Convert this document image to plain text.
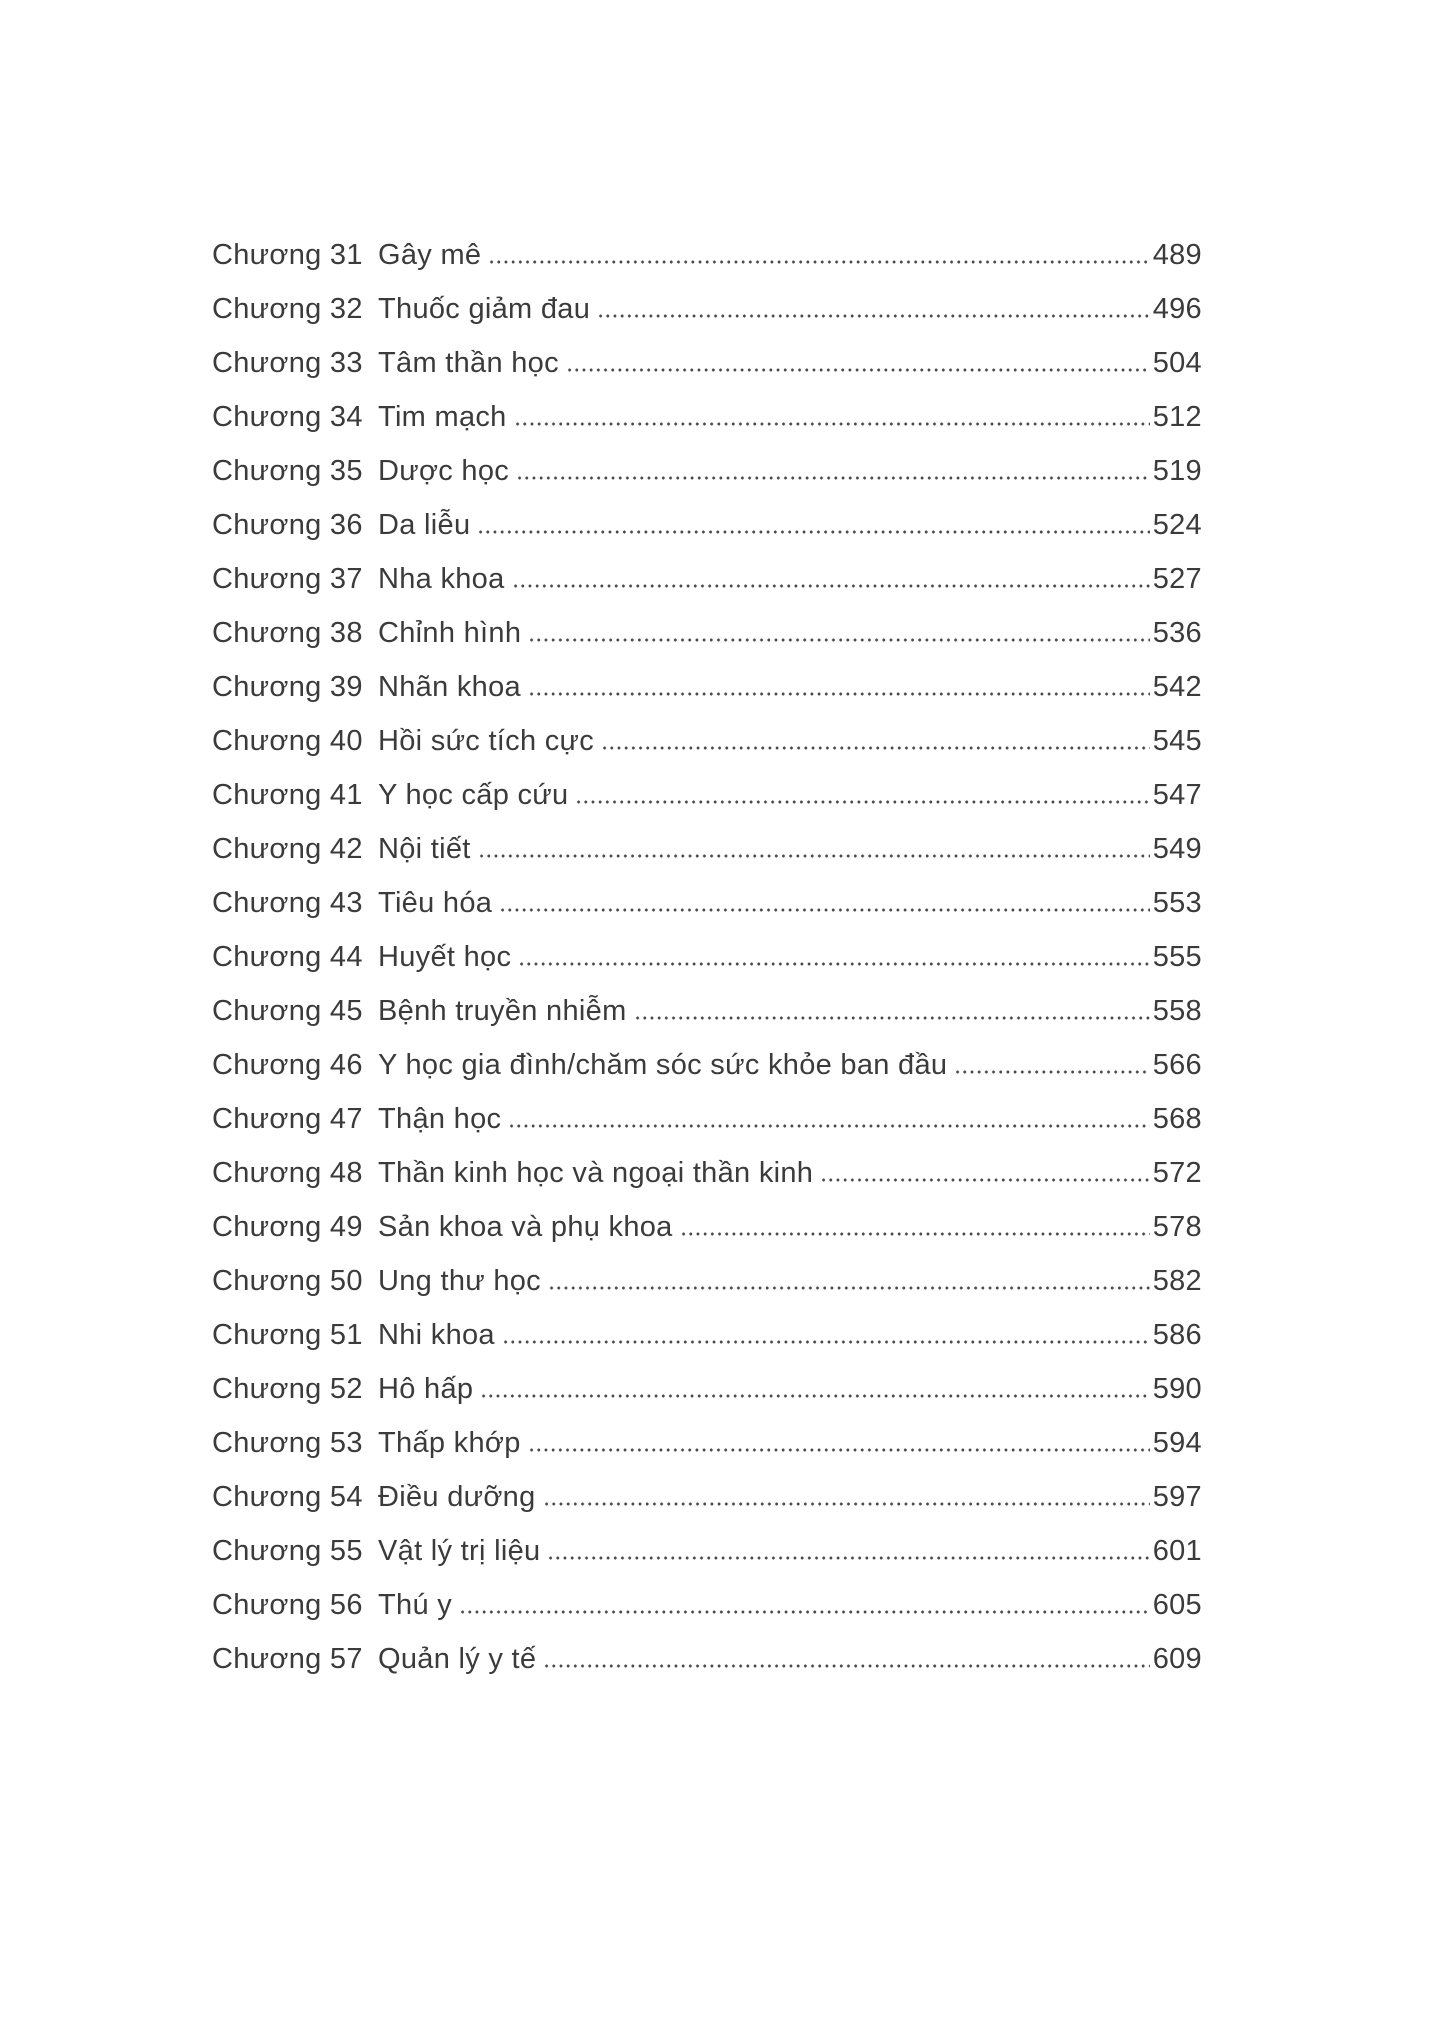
Chương 31 Gây mê	489
Chương 32 Thuốc giảm đau	496
Chương 33 Tâm thần học	504
Chương 34 Tim mạch	512
Chương 35 Dược học	519
Chương 36 Da liễu	524
Chương 37 Nha khoa	527
Chương 38 Chỉnh hình	536
Chương 39 Nhãn khoa	542
Chương 40 Hồi sức tích cực	545
Chương 41 Y học cấp cứu	547
Chương 42 Nội tiết	549
Chương 43 Tiêu hóa	553
Chương 44 Huyết học	555
Chương 45 Bệnh truyền nhiễm	558
Chương 46 Y học gia đình/chăm sóc sức khỏe ban đầu	566
Chương 47 Thận học	568
Chương 48 Thần kinh học và ngoại thần kinh	572
Chương 49 Sản khoa và phụ khoa	578
Chương 50 Ung thư học	582
Chương 51 Nhi khoa	586
Chương 52 Hô hấp	590
Chương 53 Thấp khớp	594
Chương 54 Điều dưỡng	597
Chương 55 Vật lý trị liệu	601
Chương 56 Thú y	605
Chương 57 Quản lý y tế	609
